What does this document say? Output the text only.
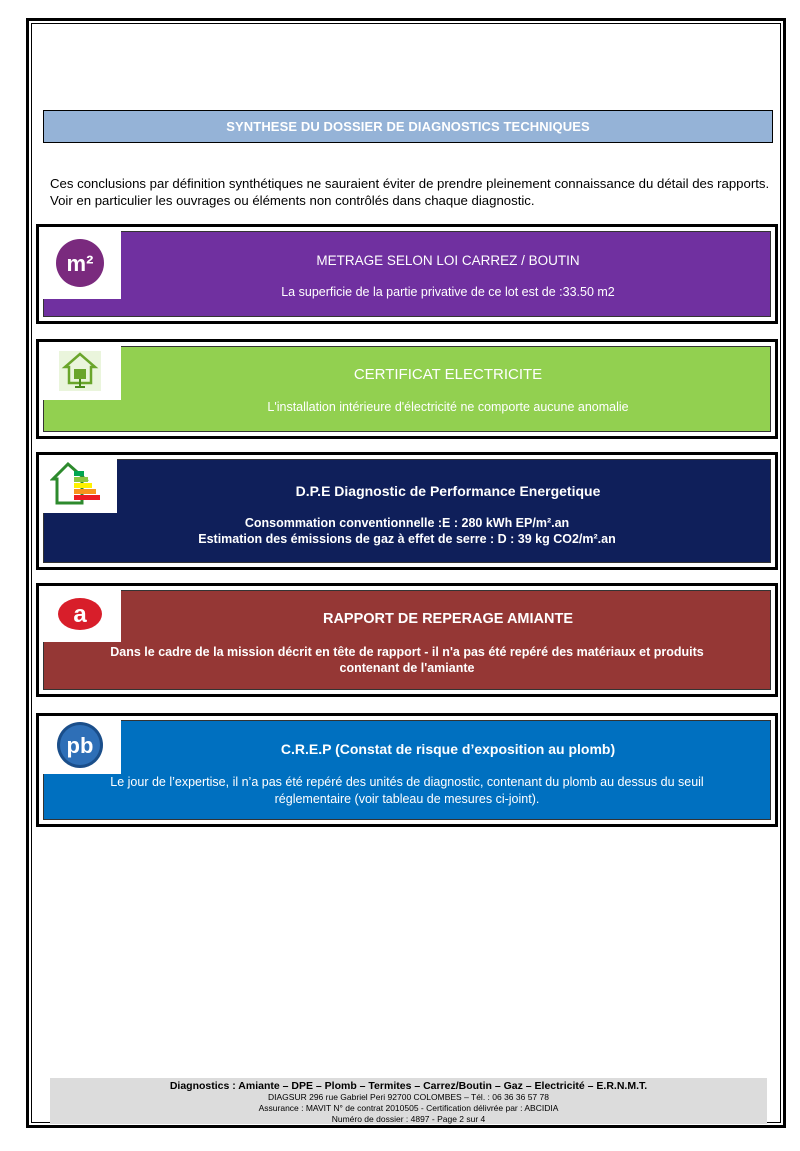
SYNTHESE DU DOSSIER DE DIAGNOSTICS TECHNIQUES
Ces conclusions par définition synthétiques ne sauraient éviter de prendre pleinement connaissance du détail des rapports. Voir en particulier les ouvrages ou éléments non contrôlés dans chaque diagnostic.
m²	METRAGE SELON LOI CARREZ / BOUTIN
La superficie de la partie privative de ce lot est de :33.50 m2
CERTIFICAT ELECTRICITE
L'installation intérieure d'électricité ne comporte aucune anomalie
D.P.E Diagnostic de Performance Energetique
Consommation conventionnelle :E : 280 kWh EP/m².an
Estimation des émissions de gaz à effet de serre : D : 39 kg CO2/m².an
a	RAPPORT DE REPERAGE AMIANTE
Dans le cadre de la mission décrit en tête de rapport - il n'a pas été repéré des matériaux et produits
contenant de l'amiante
pb	C.R.E.P (Constat de risque d’exposition au plomb)
Le jour de l’expertise, il n’a pas été repéré des unités de diagnostic, contenant du plomb au dessus du seuil
réglementaire (voir tableau de mesures ci-joint).
Diagnostics : Amiante – DPE – Plomb – Termites – Carrez/Boutin – Gaz – Electricité – E.R.N.M.T.
DIAGSUR 296 rue Gabriel Peri 92700 COLOMBES – Tél. : 06 36 36 57 78
Assurance : MAVIT N° de contrat 2010505 - Certification délivrée par : ABCIDIA
Numéro de dossier : 4897 - Page 2 sur 4
